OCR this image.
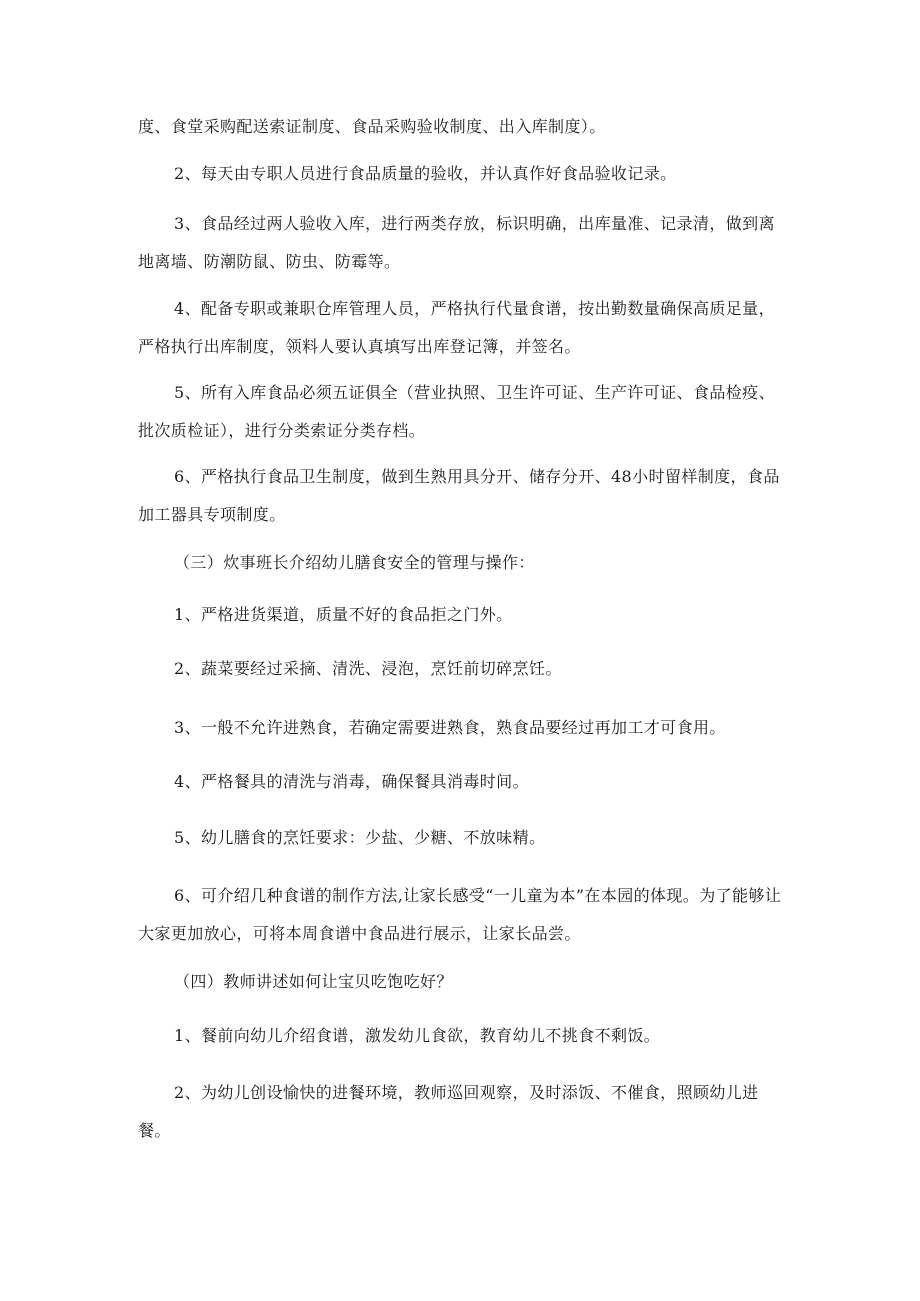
度、食堂采购配送索证制度、食品采购验收制度、出入库制度）。

2、每天由专职人员进行食品质量的验收，并认真作好食品验收记录。

3、食品经过两人验收入库，进行两类存放，标识明确，出库量准、记录清，做到离地离墙、防潮防鼠、防虫、防霉等。

4、配备专职或兼职仓库管理人员，严格执行代量食谱，按出勤数量确保高质足量，严格执行出库制度，领料人要认真填写出库登记簿，并签名。

5、所有入库食品必须五证俱全（营业执照、卫生许可证、生产许可证、食品检疫、批次质检证），进行分类索证分类存档。

6、严格执行食品卫生制度，做到生熟用具分开、储存分开、48小时留样制度，食品加工器具专项制度。

（三）炊事班长介绍幼儿膳食安全的管理与操作：

1、严格进货渠道，质量不好的食品拒之门外。

2、蔬菜要经过采摘、清洗、浸泡，烹饪前切碎烹饪。

3、一般不允许进熟食，若确定需要进熟食，熟食品要经过再加工才可食用。

4、严格餐具的清洗与消毒，确保餐具消毒时间。

5、幼儿膳食的烹饪要求：少盐、少糖、不放味精。

6、可介绍几种食谱的制作方法,让家长感受“一儿童为本”在本园的体现。为了能够让大家更加放心，可将本周食谱中食品进行展示，让家长品尝。

（四）教师讲述如何让宝贝吃饱吃好？

1、餐前向幼儿介绍食谱，激发幼儿食欲，教育幼儿不挑食不剩饭。

2、为幼儿创设愉快的进餐环境，教师巡回观察，及时添饭、不催食，照顾幼儿进餐。
